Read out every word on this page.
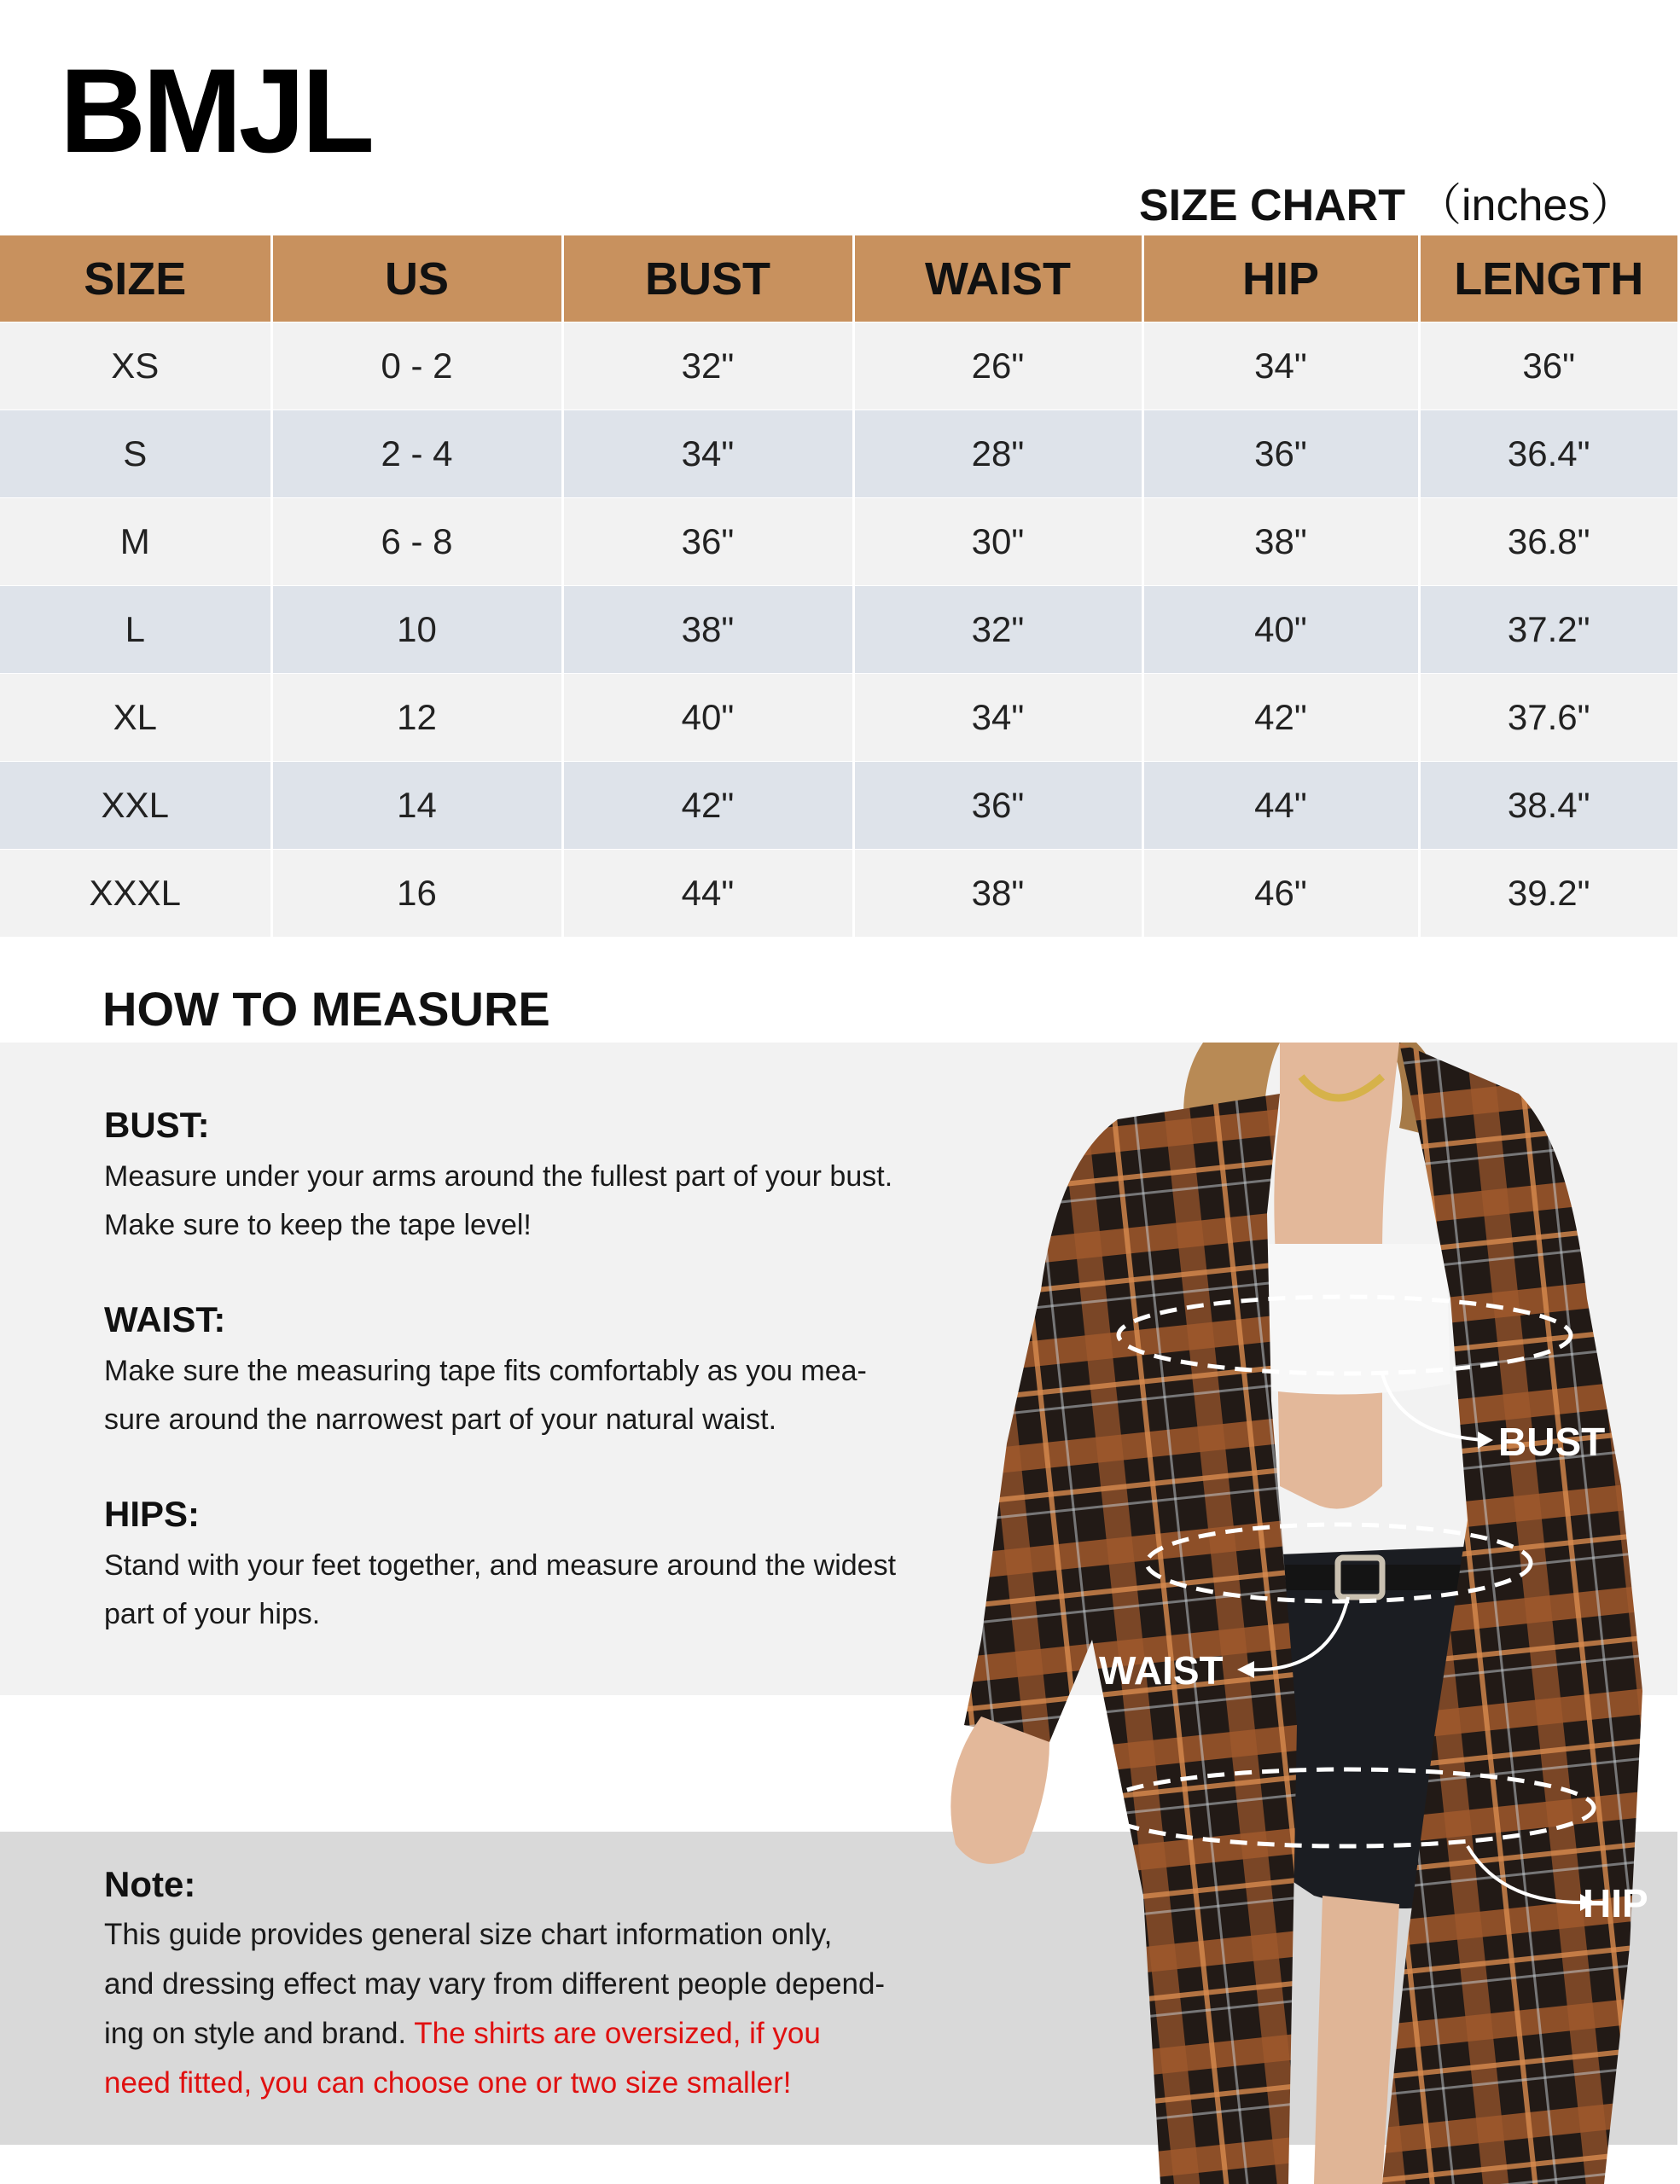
BMJL
SIZE CHART （inches）
SIZE	US	BUST	WAIST	HIP	LENGTH
XS	0 - 2	32"	26"	34"	36"
S	2 - 4	34"	28"	36"	36.4"
M	6 - 8	36"	30"	38"	36.8"
L	10	38"	32"	40"	37.2"
XL	12	40"	34"	42"	37.6"
XXL	14	42"	36"	44"	38.4"
XXXL	16	44"	38"	46"	39.2"
HOW TO MEASURE
BUST:
Measure under your arms around the fullest part of your bust.
Make sure to keep the tape level!
WAIST:
Make sure the measuring tape fits comfortably as you mea-
sure around the narrowest part of your natural waist.
HIPS:
Stand with your feet together, and measure around the widest
part of your hips.
Note:
This guide provides general size chart information only,
and dressing effect may vary from different people depend-
ing on style and brand. The shirts are oversized, if you
need fitted, you can choose one or two size smaller!
BUST
WAIST
HIP
